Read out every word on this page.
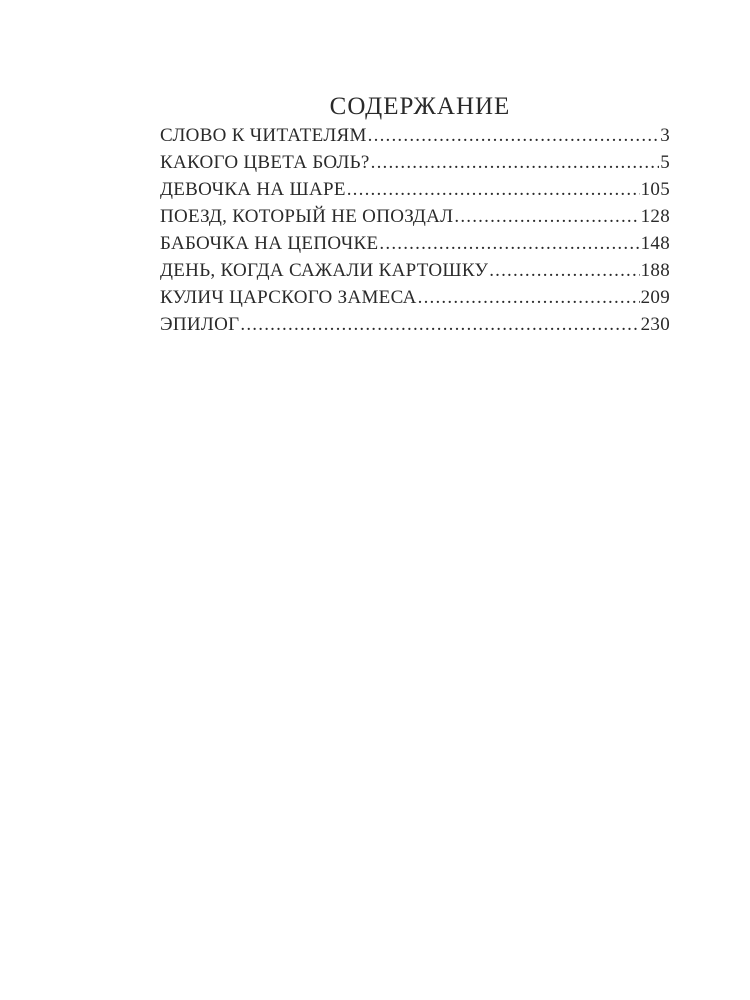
СОДЕРЖАНИЕ
СЛОВО К ЧИТАТЕЛЯМ .....	3
КАКОГО ЦВЕТА БОЛЬ? .....	5
ДЕВОЧКА НА ШАРЕ .....	105
ПОЕЗД, КОТОРЫЙ НЕ ОПОЗДАЛ .....	128
БАБОЧКА НА ЦЕПОЧКЕ .....	148
ДЕНЬ, КОГДА САЖАЛИ КАРТОШКУ .....	188
КУЛИЧ ЦАРСКОГО ЗАМЕСА .....	209
ЭПИЛОГ .....	230
